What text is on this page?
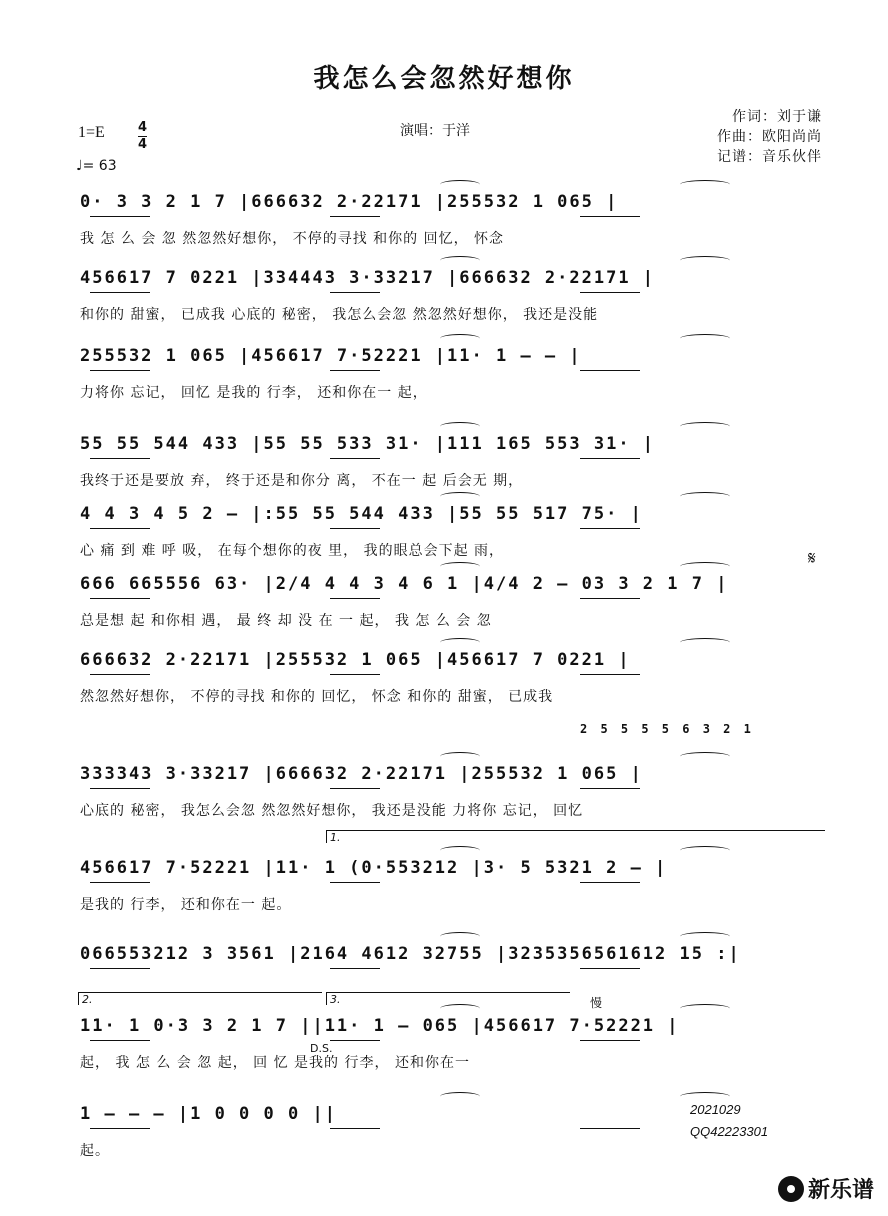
我怎么会忽然好想你
1=E	4
4
♩= 63
演唱：于洋
作词：刘于谦
作曲：欧阳尚尚
记谱：音乐伙伴
0· 3 3 2 1 7 |666632 2·22171 |255532 1 065 |
我 怎 么 会 忽 然忽然好想你， 不停的寻找 和你的 回忆， 怀念
456617 7 0221 |334443 3·33217 |666632 2·22171 |
和你的 甜蜜， 已成我 心底的 秘密， 我怎么会忽 然忽然好想你， 我还是没能
255532 1 065 |456617 7·52221 |11· 1 — — |
力将你 忘记， 回忆 是我的 行李， 还和你在一 起，
55 55 544 433 |55 55 533 31· |111 165 553 31· |
我终于还是要放 弃， 终于还是和你分 离， 不在一 起 后会无 期，
4 4 3 4 5 2 — |:55 55 544 433 |55 55 517 75· |
心 痛 到 难 呼 吸， 在每个想你的夜 里， 我的眼总会下起 雨，
666 665556 63· |2/4 4 4 3 4 6 1 |4/4 2 — 03 3 2 1 7 |
总是想 起 和你相 遇， 最 终 却 没 在 一 起， 我 怎 么 会 忽
666632 2·22171 |255532 1 065 |456617 7 0221 |
然忽然好想你， 不停的寻找 和你的 回忆， 怀念 和你的 甜蜜， 已成我
333343 3·33217 |666632 2·22171 |255532 1 065 |
心底的 秘密， 我怎么会忽 然忽然好想你， 我还是没能 力将你 忘记， 回忆
456617 7·52221 |11· 1 (0·553212 |3· 5 5321 2 — |
是我的 行李， 还和你在一 起。
066553212 3 3561 |2164 4612 32755 |3235356561612 15 :|
11· 1 0·3 3 2 1 7 ||11· 1 — 065 |456617 7·52221 |
起， 我 怎 么 会 忽 起， 回 忆 是我的 行李， 还和你在一
1 — — — |1 0 0 0 0 ||
起。
2 5 5 5 5 6 3 2 1
1.
2.	3.
D.S.
慢
𝄋
2021029
QQ42223301
新乐谱
